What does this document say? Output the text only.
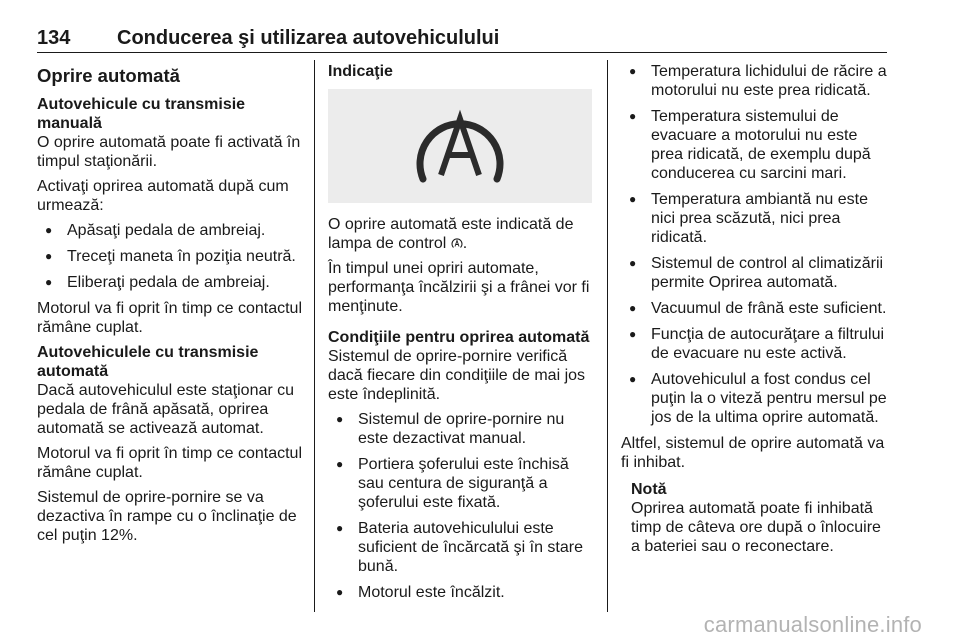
134 Conducerea şi utilizarea autovehiculului
Oprire automată
Autovehicule cu transmisie manuală

O oprire automată poate fi activată în timpul staţionării.

Activaţi oprirea automată după cum urmează:

● Apăsaţi pedala de ambreiaj.
● Treceţi maneta în poziţia neutră.
● Eliberaţi pedala de ambreiaj.

Motorul va fi oprit în timp ce contactul rămâne cuplat.

Autovehiculele cu transmisie automată

Dacă autovehiculul este staţionar cu pedala de frână apăsată, oprirea automată se activează automat.

Motorul va fi oprit în timp ce contactul rămâne cuplat.

Sistemul de oprire-pornire se va dezactiva în rampe cu o înclinaţie de cel puţin 12%.

Indicaţie

O oprire automată este indicată de lampa de control .

În timpul unei opriri automate, performanţa încălzirii şi a frânei vor fi menţinute.

Condiţiile pentru oprirea automată

Sistemul de oprire-pornire verifică dacă fiecare din condiţiile de mai jos este îndeplinită.

● Sistemul de oprire-pornire nu este dezactivat manual.
● Portiera şoferului este închisă sau centura de siguranţă a şoferului este fixată.
● Bateria autovehiculului este suficient de încărcată şi în stare bună.
● Motorul este încălzit.
● Temperatura lichidului de răcire a motorului nu este prea ridicată.
● Temperatura sistemului de evacuare a motorului nu este prea ridicată, de exemplu după conducerea cu sarcini mari.
● Temperatura ambiantă nu este nici prea scăzută, nici prea ridicată.
● Sistemul de control al climatizării permite Oprirea automată.
● Vacuumul de frână este suficient.
● Funcţia de autocurăţare a filtrului de evacuare nu este activă.
● Autovehiculul a fost condus cel puţin la o viteză pentru mersul pe jos de la ultima oprire automată.

Altfel, sistemul de oprire automată va fi inhibat.

Notă

Oprirea automată poate fi inhibată timp de câteva ore după o înlocuire a bateriei sau o reconectare.

carmanualsonline.info
